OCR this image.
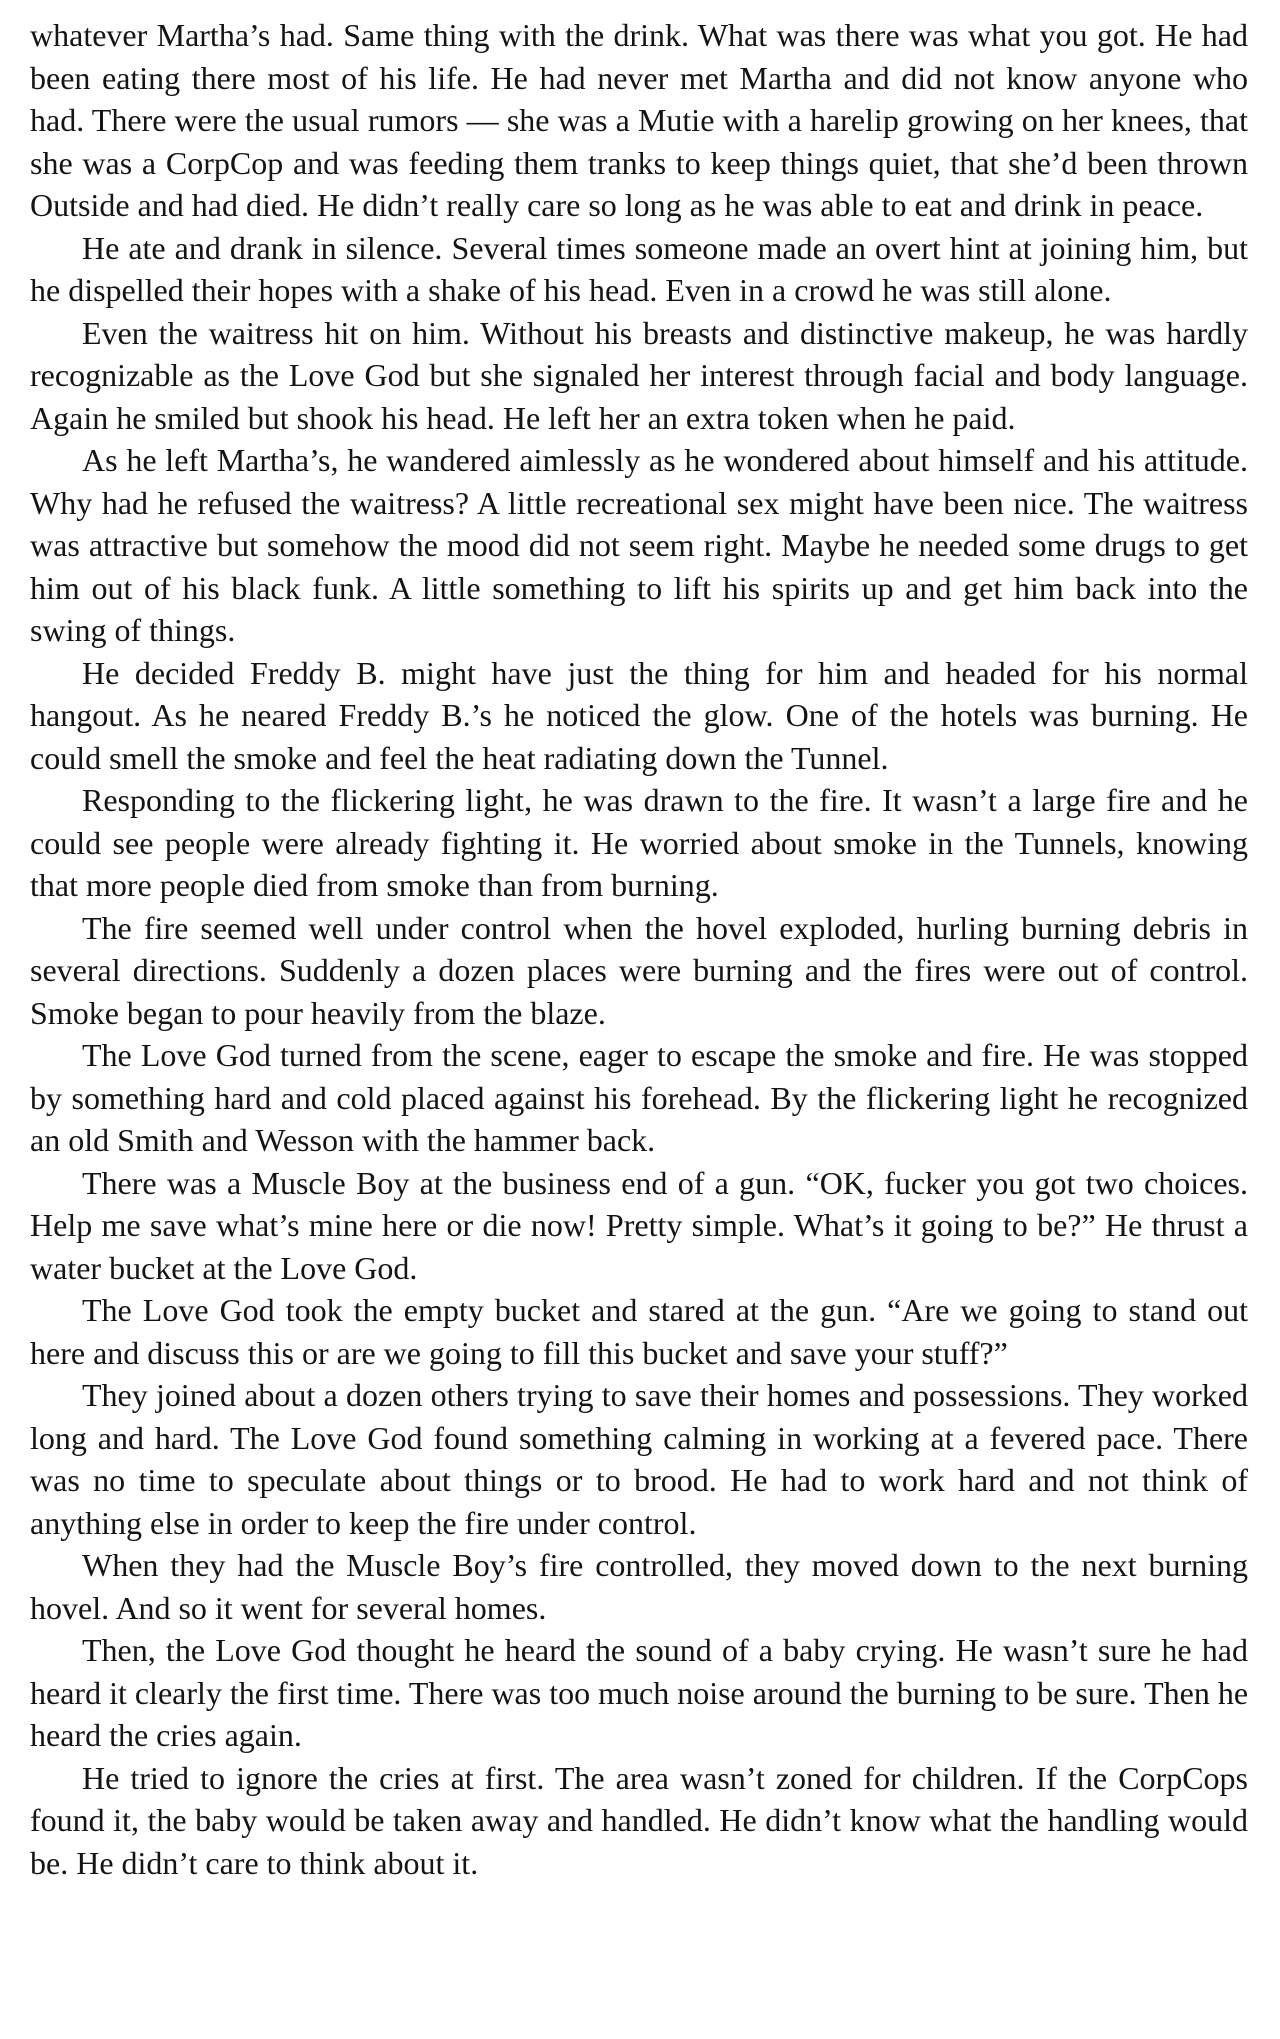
whatever Martha’s had. Same thing with the drink. What was there was what you got. He had been eating there most of his life. He had never met Martha and did not know anyone who had. There were the usual rumors — she was a Mutie with a harelip growing on her knees, that she was a CorpCop and was feeding them tranks to keep things quiet, that she’d been thrown Outside and had died. He didn’t really care so long as he was able to eat and drink in peace.

He ate and drank in silence. Several times someone made an overt hint at joining him, but he dispelled their hopes with a shake of his head. Even in a crowd he was still alone.

Even the waitress hit on him. Without his breasts and distinctive makeup, he was hardly recognizable as the Love God but she signaled her interest through facial and body language. Again he smiled but shook his head. He left her an extra token when he paid.

As he left Martha’s, he wandered aimlessly as he wondered about himself and his attitude. Why had he refused the waitress? A little recreational sex might have been nice. The waitress was attractive but somehow the mood did not seem right. Maybe he needed some drugs to get him out of his black funk. A little something to lift his spirits up and get him back into the swing of things.

He decided Freddy B. might have just the thing for him and headed for his normal hangout. As he neared Freddy B.’s he noticed the glow. One of the hotels was burning. He could smell the smoke and feel the heat radiating down the Tunnel.

Responding to the flickering light, he was drawn to the fire. It wasn’t a large fire and he could see people were already fighting it. He worried about smoke in the Tunnels, knowing that more people died from smoke than from burning.

The fire seemed well under control when the hovel exploded, hurling burning debris in several directions. Suddenly a dozen places were burning and the fires were out of control. Smoke began to pour heavily from the blaze.

The Love God turned from the scene, eager to escape the smoke and fire. He was stopped by something hard and cold placed against his forehead. By the flickering light he recognized an old Smith and Wesson with the hammer back.

There was a Muscle Boy at the business end of a gun. “OK, fucker you got two choices. Help me save what’s mine here or die now! Pretty simple. What’s it going to be?” He thrust a water bucket at the Love God.

The Love God took the empty bucket and stared at the gun. “Are we going to stand out here and discuss this or are we going to fill this bucket and save your stuff?”

They joined about a dozen others trying to save their homes and possessions. They worked long and hard. The Love God found something calming in working at a fevered pace. There was no time to speculate about things or to brood. He had to work hard and not think of anything else in order to keep the fire under control.

When they had the Muscle Boy’s fire controlled, they moved down to the next burning hovel. And so it went for several homes.

Then, the Love God thought he heard the sound of a baby crying. He wasn’t sure he had heard it clearly the first time. There was too much noise around the burning to be sure. Then he heard the cries again.

He tried to ignore the cries at first. The area wasn’t zoned for children. If the CorpCops found it, the baby would be taken away and handled. He didn’t know what the handling would be. He didn’t care to think about it.
